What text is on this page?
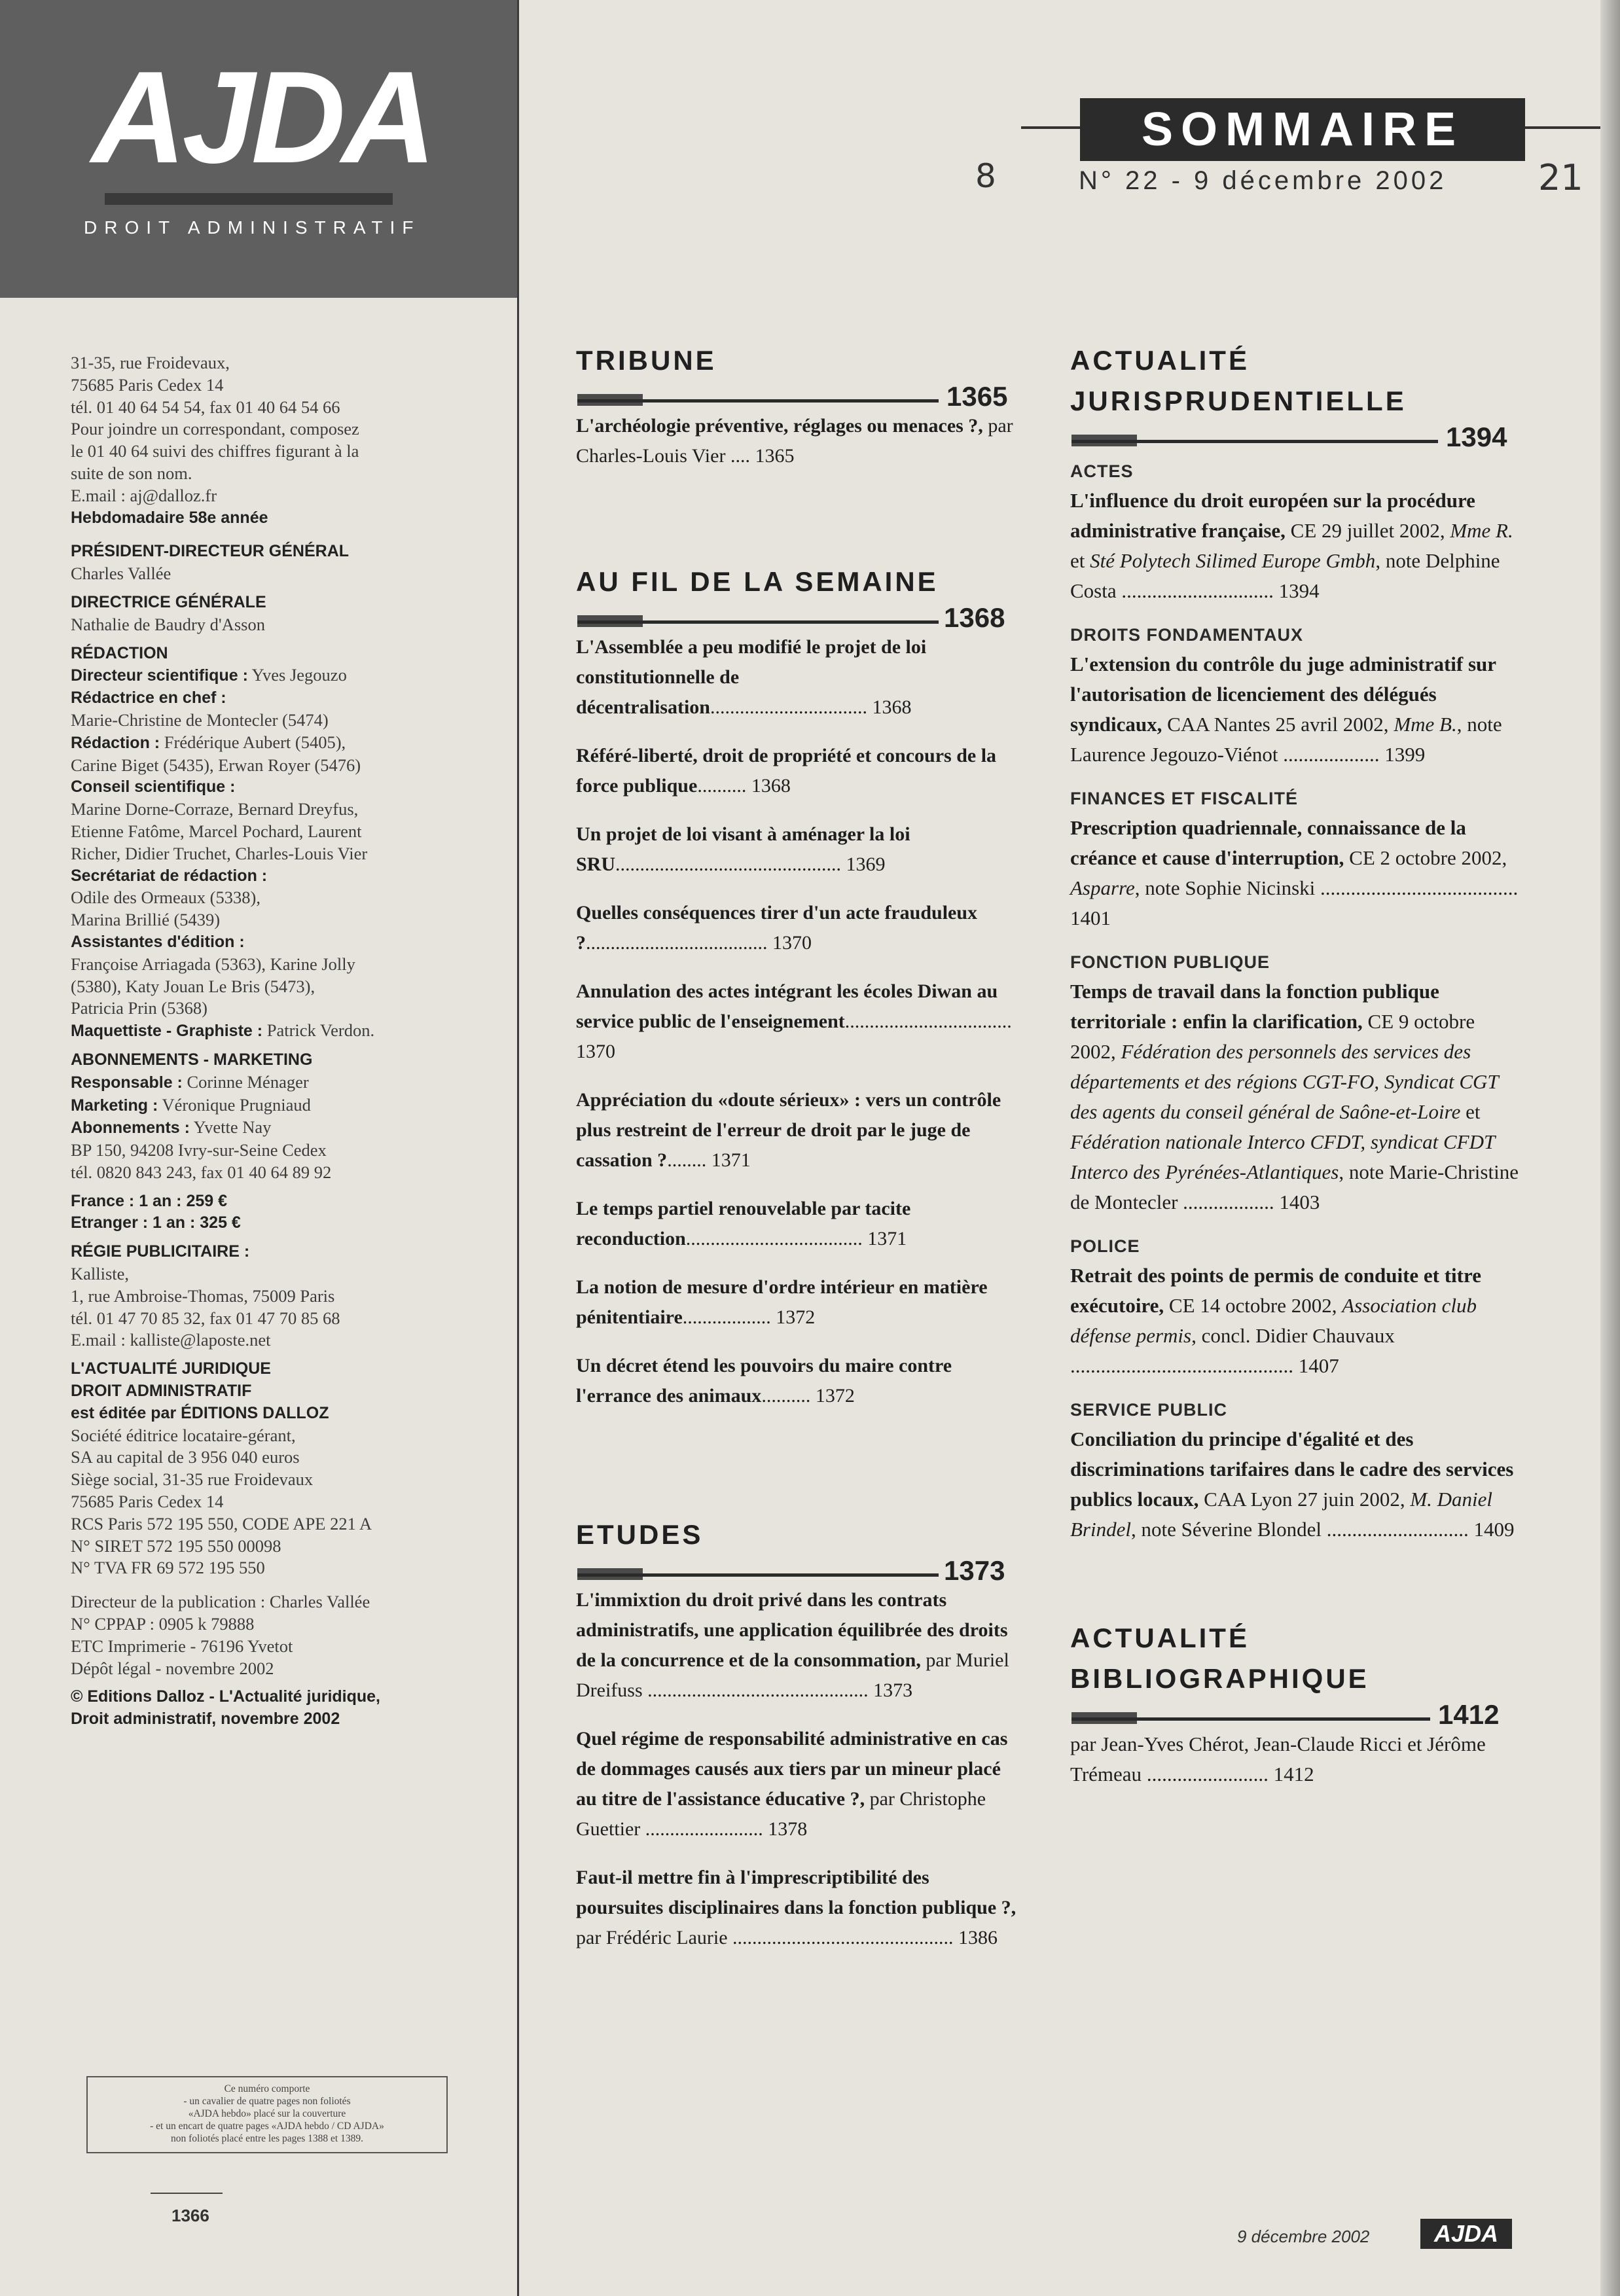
AJDA
DROIT ADMINISTRATIF
31-35, rue Froidevaux,
75685 Paris Cedex 14
tél. 01 40 64 54 54, fax 01 40 64 54 66
Pour joindre un correspondant, composez
le 01 40 64 suivi des chiffres figurant à la
suite de son nom.
E.mail : aj@dalloz.fr
Hebdomadaire 58e année
PRÉSIDENT-DIRECTEUR GÉNÉRAL
Charles Vallée
DIRECTRICE GÉNÉRALE
Nathalie de Baudry d'Asson
RÉDACTION
Directeur scientifique : Yves Jegouzo
Rédactrice en chef :
Marie-Christine de Montecler (5474)
Rédaction : Frédérique Aubert (5405),
Carine Biget (5435), Erwan Royer (5476)
Conseil scientifique :
Marine Dorne-Corraze, Bernard Dreyfus,
Etienne Fatôme, Marcel Pochard, Laurent
Richer, Didier Truchet, Charles-Louis Vier
Secrétariat de rédaction :
Odile des Ormeaux (5338),
Marina Brillié (5439)
Assistantes d'édition :
Françoise Arriagada (5363), Karine Jolly
(5380), Katy Jouan Le Bris (5473),
Patricia Prin (5368)
Maquettiste - Graphiste : Patrick Verdon.
ABONNEMENTS - MARKETING
Responsable : Corinne Ménager
Marketing : Véronique Prugniaud
Abonnements : Yvette Nay
BP 150, 94208 Ivry-sur-Seine Cedex
tél. 0820 843 243, fax 01 40 64 89 92
France : 1 an : 259 €
Etranger : 1 an : 325 €
RÉGIE PUBLICITAIRE :
Kalliste,
1, rue Ambroise-Thomas, 75009 Paris
tél. 01 47 70 85 32, fax 01 47 70 85 68
E.mail : kalliste@laposte.net
L'ACTUALITÉ JURIDIQUE
DROIT ADMINISTRATIF
est éditée par ÉDITIONS DALLOZ
Société éditrice locataire-gérant,
SA au capital de 3 956 040 euros
Siège social, 31-35 rue Froidevaux
75685 Paris Cedex 14
RCS Paris 572 195 550, CODE APE 221 A
N° SIRET 572 195 550 00098
N° TVA FR 69 572 195 550
Directeur de la publication : Charles Vallée
N° CPPAP : 0905 k 79888
ETC Imprimerie - 76196 Yvetot
Dépôt légal - novembre 2002
© Editions Dalloz - L'Actualité juridique,
Droit administratif, novembre 2002
Ce numéro comporte
- un cavalier de quatre pages non foliotés
«AJDA hebdo» placé sur la couverture
- et un encart de quatre pages «AJDA hebdo / CD AJDA»
non foliotés placé entre les pages 1388 et 1389.
1366
8
SOMMAIRE
N° 22 - 9 décembre 2002	21
TRIBUNE
1365
L'archéologie préventive, réglages ou menaces ?, par Charles-Louis Vier .... 1365
AU FIL DE LA SEMAINE
1368
L'Assemblée a peu modifié le projet de loi constitutionnelle de décentralisation................................ 1368
Référé-liberté, droit de propriété et concours de la force publique.......... 1368
Un projet de loi visant à aménager la loi SRU.............................................. 1369
Quelles conséquences tirer d'un acte frauduleux ?..................................... 1370
Annulation des actes intégrant les écoles Diwan au service public de l'enseignement.................................. 1370
Appréciation du «doute sérieux» : vers un contrôle plus restreint de l'erreur de droit par le juge de cassation ?........ 1371
Le temps partiel renouvelable par tacite reconduction.................................... 1371
La notion de mesure d'ordre intérieur en matière pénitentiaire.................. 1372
Un décret étend les pouvoirs du maire contre l'errance des animaux.......... 1372
ETUDES
1373
L'immixtion du droit privé dans les contrats administratifs, une application équilibrée des droits de la concurrence et de la consommation, par Muriel Dreifuss ............................................. 1373
Quel régime de responsabilité administrative en cas de dommages causés aux tiers par un mineur placé au titre de l'assistance éducative ?, par Christophe Guettier ........................ 1378
Faut-il mettre fin à l'imprescriptibilité des poursuites disciplinaires dans la fonction publique ?, par Frédéric Laurie ............................................. 1386
ACTUALITÉ
JURISPRUDENTIELLE
1394
ACTES
L'influence du droit européen sur la procédure administrative française, CE 29 juillet 2002, Mme R. et Sté Polytech Silimed Europe Gmbh, note Delphine Costa .............................. 1394
DROITS FONDAMENTAUX
L'extension du contrôle du juge administratif sur l'autorisation de licenciement des délégués syndicaux, CAA Nantes 25 avril 2002, Mme B., note Laurence Jegouzo-Viénot ................... 1399
FINANCES ET FISCALITÉ
Prescription quadriennale, connaissance de la créance et cause d'interruption, CE 2 octobre 2002, Asparre, note Sophie Nicinski ....................................... 1401
FONCTION PUBLIQUE
Temps de travail dans la fonction publique territoriale : enfin la clarification, CE 9 octobre 2002, Fédération des personnels des services des départements et des régions CGT-FO, Syndicat CGT des agents du conseil général de Saône-et-Loire et Fédération nationale Interco CFDT, syndicat CFDT Interco des Pyrénées-Atlantiques, note Marie-Christine de Montecler .................. 1403
POLICE
Retrait des points de permis de conduite et titre exécutoire, CE 14 octobre 2002, Association club défense permis, concl. Didier Chauvaux ............................................ 1407
SERVICE PUBLIC
Conciliation du principe d'égalité et des discriminations tarifaires dans le cadre des services publics locaux, CAA Lyon 27 juin 2002, M. Daniel Brindel, note Séverine Blondel ............................ 1409
ACTUALITÉ
BIBLIOGRAPHIQUE
1412
par Jean-Yves Chérot, Jean-Claude Ricci et Jérôme Trémeau ........................ 1412
9 décembre 2002	AJDA
